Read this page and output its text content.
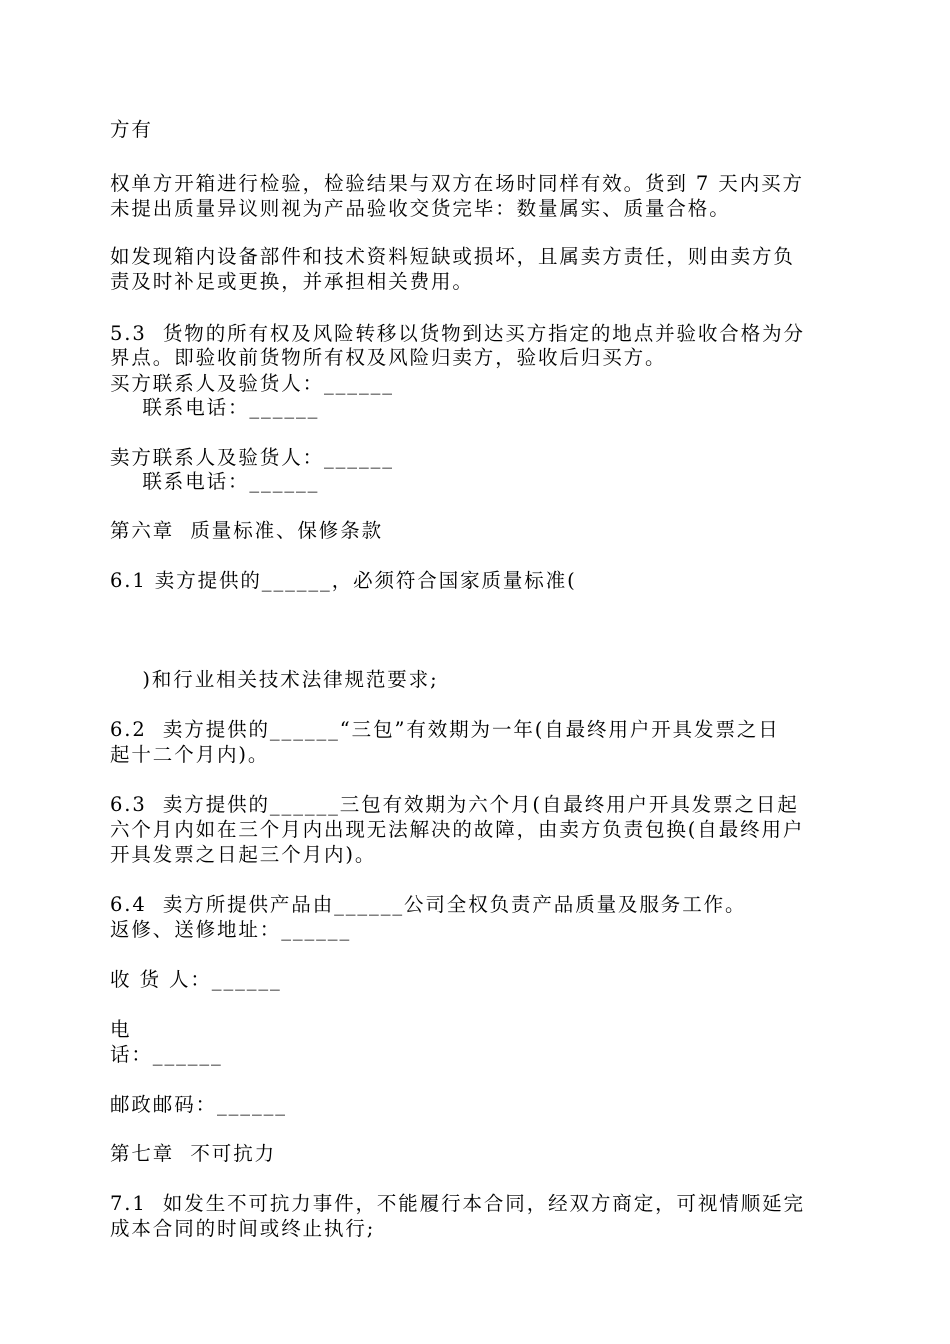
方有
权单方开箱进行检验，检验结果与双方在场时同样有效。货到 7 天内买方
未提出质量异议则视为产品验收交货完毕：数量属实、质量合格。
如发现箱内设备部件和技术资料短缺或损坏，且属卖方责任，则由卖方负
责及时补足或更换，并承担相关费用。
5.3  货物的所有权及风险转移以货物到达买方指定的地点并验收合格为分
界点。即验收前货物所有权及风险归卖方，验收后归买方。
买方联系人及验货人：______
联系电话：______
卖方联系人及验货人：______
联系电话：______
第六章  质量标准、保修条款
6.1 卖方提供的______，必须符合国家质量标准(
)和行业相关技术法律规范要求;
6.2  卖方提供的______“三包”有效期为一年(自最终用户开具发票之日
起十二个月内)。
6.3  卖方提供的______三包有效期为六个月(自最终用户开具发票之日起
六个月内如在三个月内出现无法解决的故障，由卖方负责包换(自最终用户
开具发票之日起三个月内)。
6.4  卖方所提供产品由______公司全权负责产品质量及服务工作。
返修、送修地址：______
收 货 人：______
电
话：______
邮政邮码：______
第七章  不可抗力
7.1  如发生不可抗力事件，不能履行本合同，经双方商定，可视情顺延完
成本合同的时间或终止执行;
